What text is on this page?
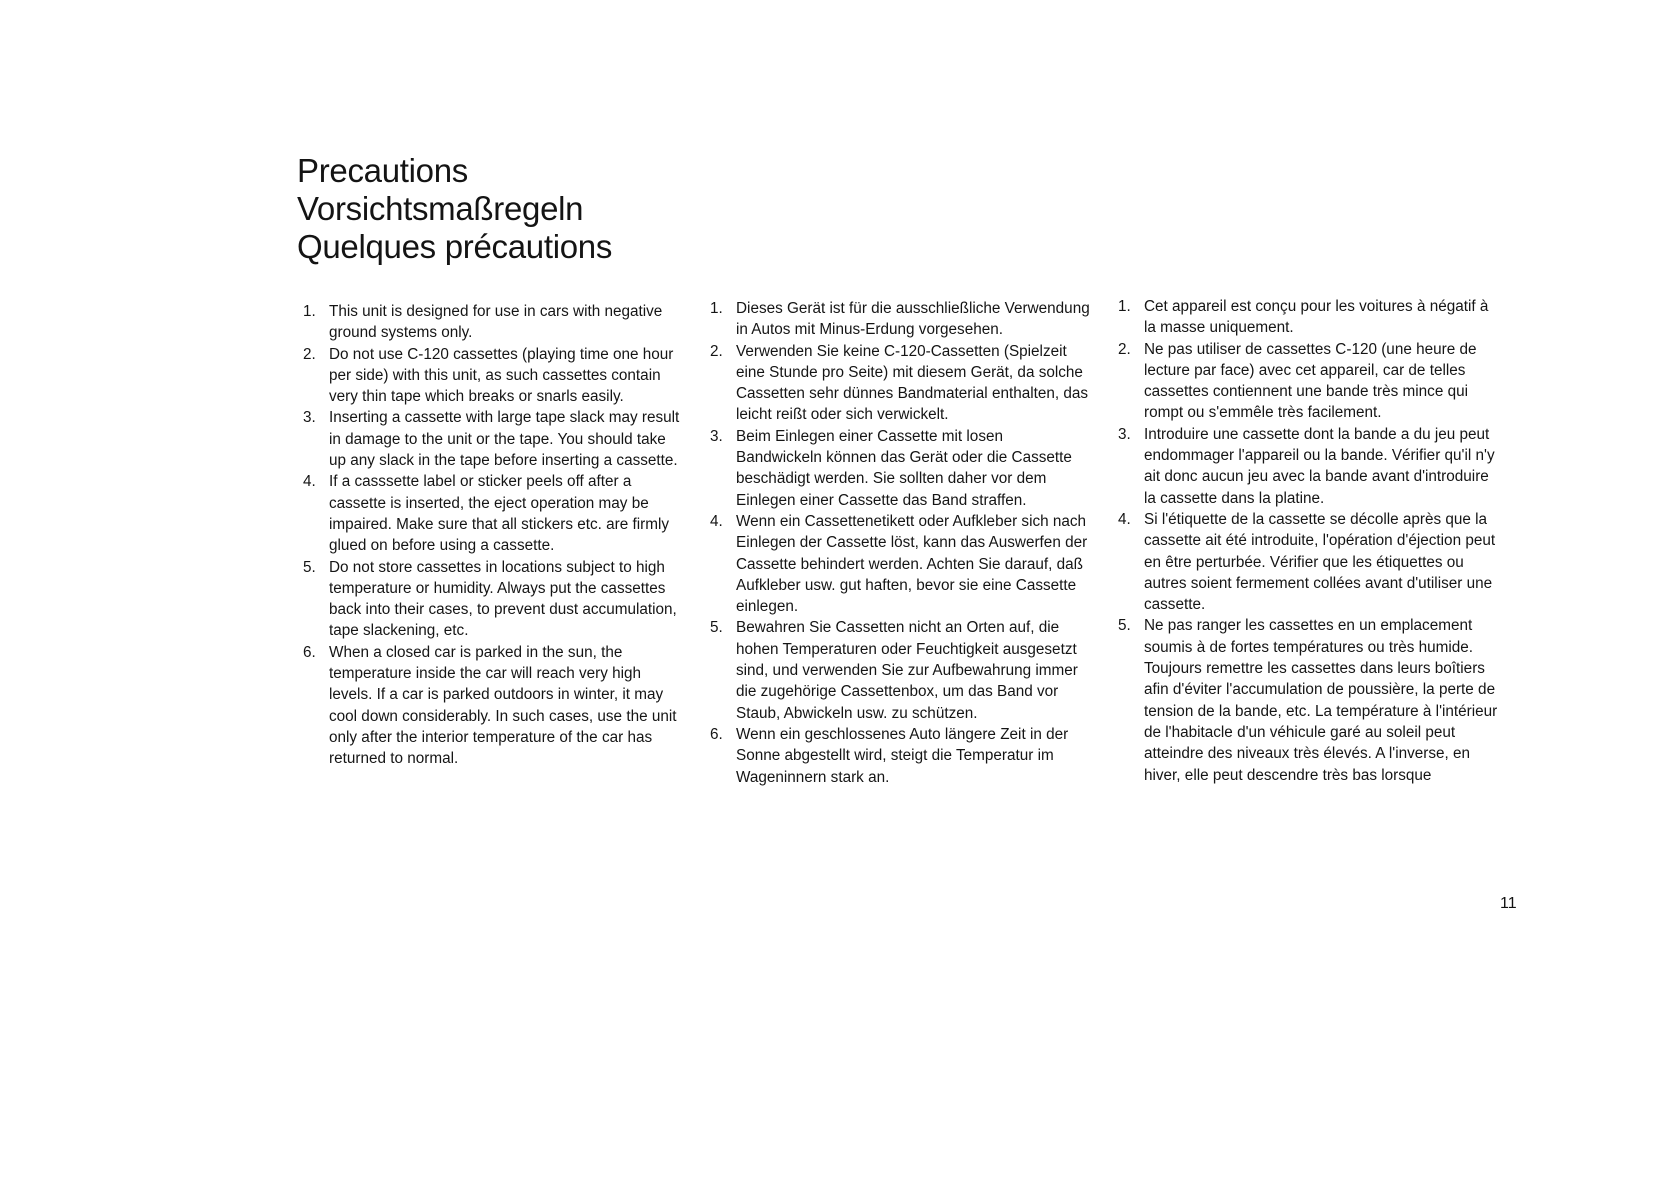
Precautions
Vorsichtsmaßregeln
Quelques précautions
1. This unit is designed for use in cars with negative ground systems only.
2. Do not use C-120 cassettes (playing time one hour per side) with this unit, as such cassettes contain very thin tape which breaks or snarls easily.
3. Inserting a cassette with large tape slack may result in damage to the unit or the tape. You should take up any slack in the tape before inserting a cassette.
4. If a casssette label or sticker peels off after a cassette is inserted, the eject operation may be impaired. Make sure that all stickers etc. are firmly glued on before using a cassette.
5. Do not store cassettes in locations subject to high temperature or humidity. Always put the cassettes back into their cases, to prevent dust accumulation, tape slackening, etc.
6. When a closed car is parked in the sun, the temperature inside the car will reach very high levels. If a car is parked outdoors in winter, it may cool down considerably. In such cases, use the unit only after the interior temperature of the car has returned to normal.
1. Dieses Gerät ist für die ausschließliche Verwendung in Autos mit Minus-Erdung vorgesehen.
2. Verwenden Sie keine C-120-Cassetten (Spielzeit eine Stunde pro Seite) mit diesem Gerät, da solche Cassetten sehr dünnes Bandmaterial enthalten, das leicht reißt oder sich verwickelt.
3. Beim Einlegen einer Cassette mit losen Bandwickeln können das Gerät oder die Cassette beschädigt werden. Sie sollten daher vor dem Einlegen einer Cassette das Band straffen.
4. Wenn ein Cassettenetikett oder Aufkleber sich nach Einlegen der Cassette löst, kann das Auswerfen der Cassette behindert werden. Achten Sie darauf, daß Aufkleber usw. gut haften, bevor sie eine Cassette einlegen.
5. Bewahren Sie Cassetten nicht an Orten auf, die hohen Temperaturen oder Feuchtigkeit ausgesetzt sind, und verwenden Sie zur Aufbewahrung immer die zugehörige Cassettenbox, um das Band vor Staub, Abwickeln usw. zu schützen.
6. Wenn ein geschlossenes Auto längere Zeit in der Sonne abgestellt wird, steigt die Temperatur im Wageninnern stark an.
1. Cet appareil est conçu pour les voitures à négatif à la masse uniquement.
2. Ne pas utiliser de cassettes C-120 (une heure de lecture par face) avec cet appareil, car de telles cassettes contiennent une bande très mince qui rompt ou s'emmêle très facilement.
3. Introduire une cassette dont la bande a du jeu peut endommager l'appareil ou la bande. Vérifier qu'il n'y ait donc aucun jeu avec la bande avant d'introduire la cassette dans la platine.
4. Si l'étiquette de la cassette se décolle après que la cassette ait été introduite, l'opération d'éjection peut en être perturbée. Vérifier que les étiquettes ou autres soient fermement collées avant d'utiliser une cassette.
5. Ne pas ranger les cassettes en un emplacement soumis à de fortes températures ou très humide. Toujours remettre les cassettes dans leurs boîtiers afin d'éviter l'accumulation de poussière, la perte de tension de la bande, etc. La température à l'intérieur de l'habitacle d'un véhicule garé au soleil peut atteindre des niveaux très élevés. A l'inverse, en hiver, elle peut descendre très bas lorsque
11
